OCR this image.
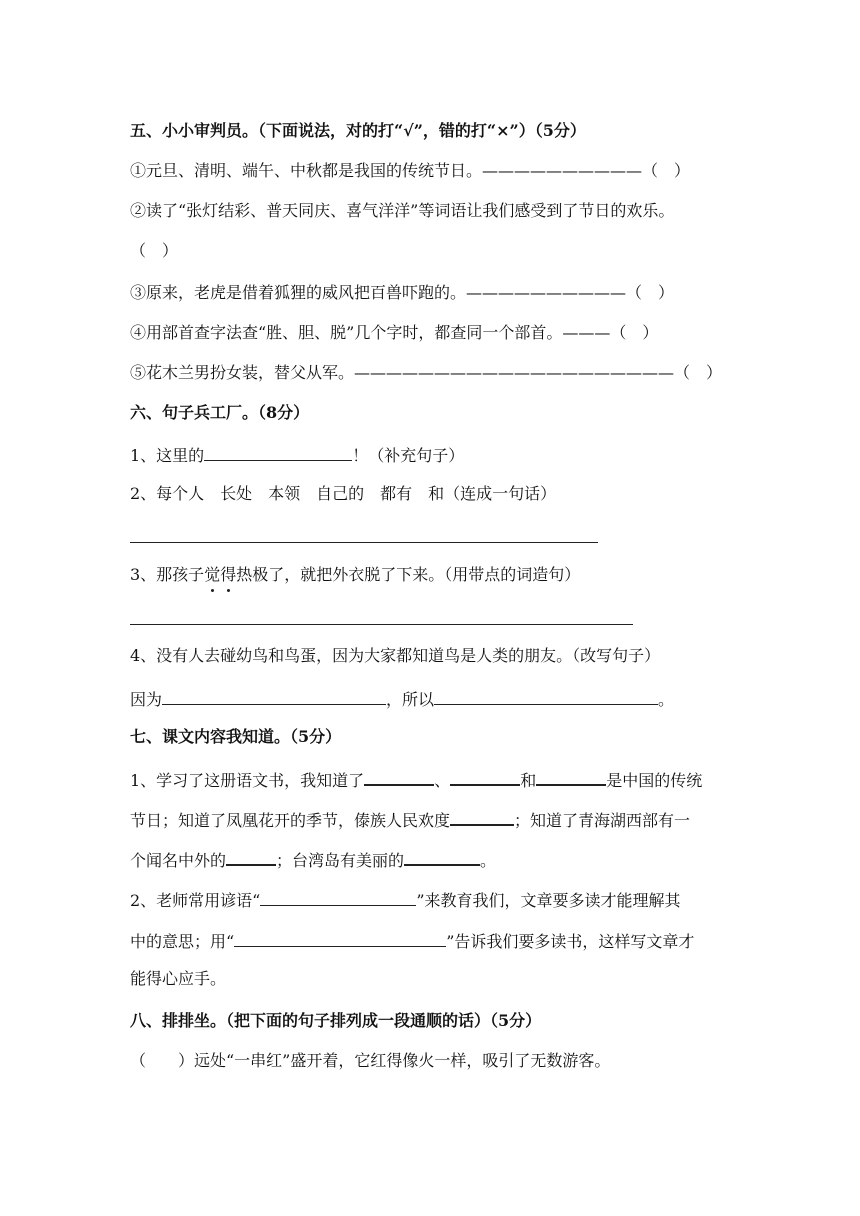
五、小小审判员。（下面说法，对的打“√”，错的打“×”）（5分）
①元旦、清明、端午、中秋都是我国的传统节日。——————————（　）
②读了“张灯结彩、普天同庆、喜气洋洋”等词语让我们感受到了节日的欢乐。
（　）
③原来，老虎是借着狐狸的威风把百兽吓跑的。——————————（　）
④用部首查字法查“胜、胆、脱”几个字时，都查同一个部首。———（　）
⑤花木兰男扮女装，替父从军。————————————————————（　）
六、句子兵工厂。（8分）
1、这里的	！（补充句子）
2、每个人　长处　本领　自己的　都有　和（连成一句话）
3、那孩子觉得热极了，就把外衣脱了下来。（用带点的词造句）
4、没有人去碰幼鸟和鸟蛋，因为大家都知道鸟是人类的朋友。（改写句子）
因为	，所以	。
七、课文内容我知道。（5分）
1、学习了这册语文书，我知道了	、	和	是中国的传统
节日；知道了凤凰花开的季节，傣族人民欢度	；知道了青海湖西部有一
个闻名中外的	；台湾岛有美丽的	。
2、老师常用谚语“	”来教育我们，文章要多读才能理解其
中的意思；用“	”告诉我们要多读书，这样写文章才
能得心应手。
八、排排坐。（把下面的句子排列成一段通顺的话）（5分）
（　　）远处“一串红”盛开着，它红得像火一样，吸引了无数游客。
